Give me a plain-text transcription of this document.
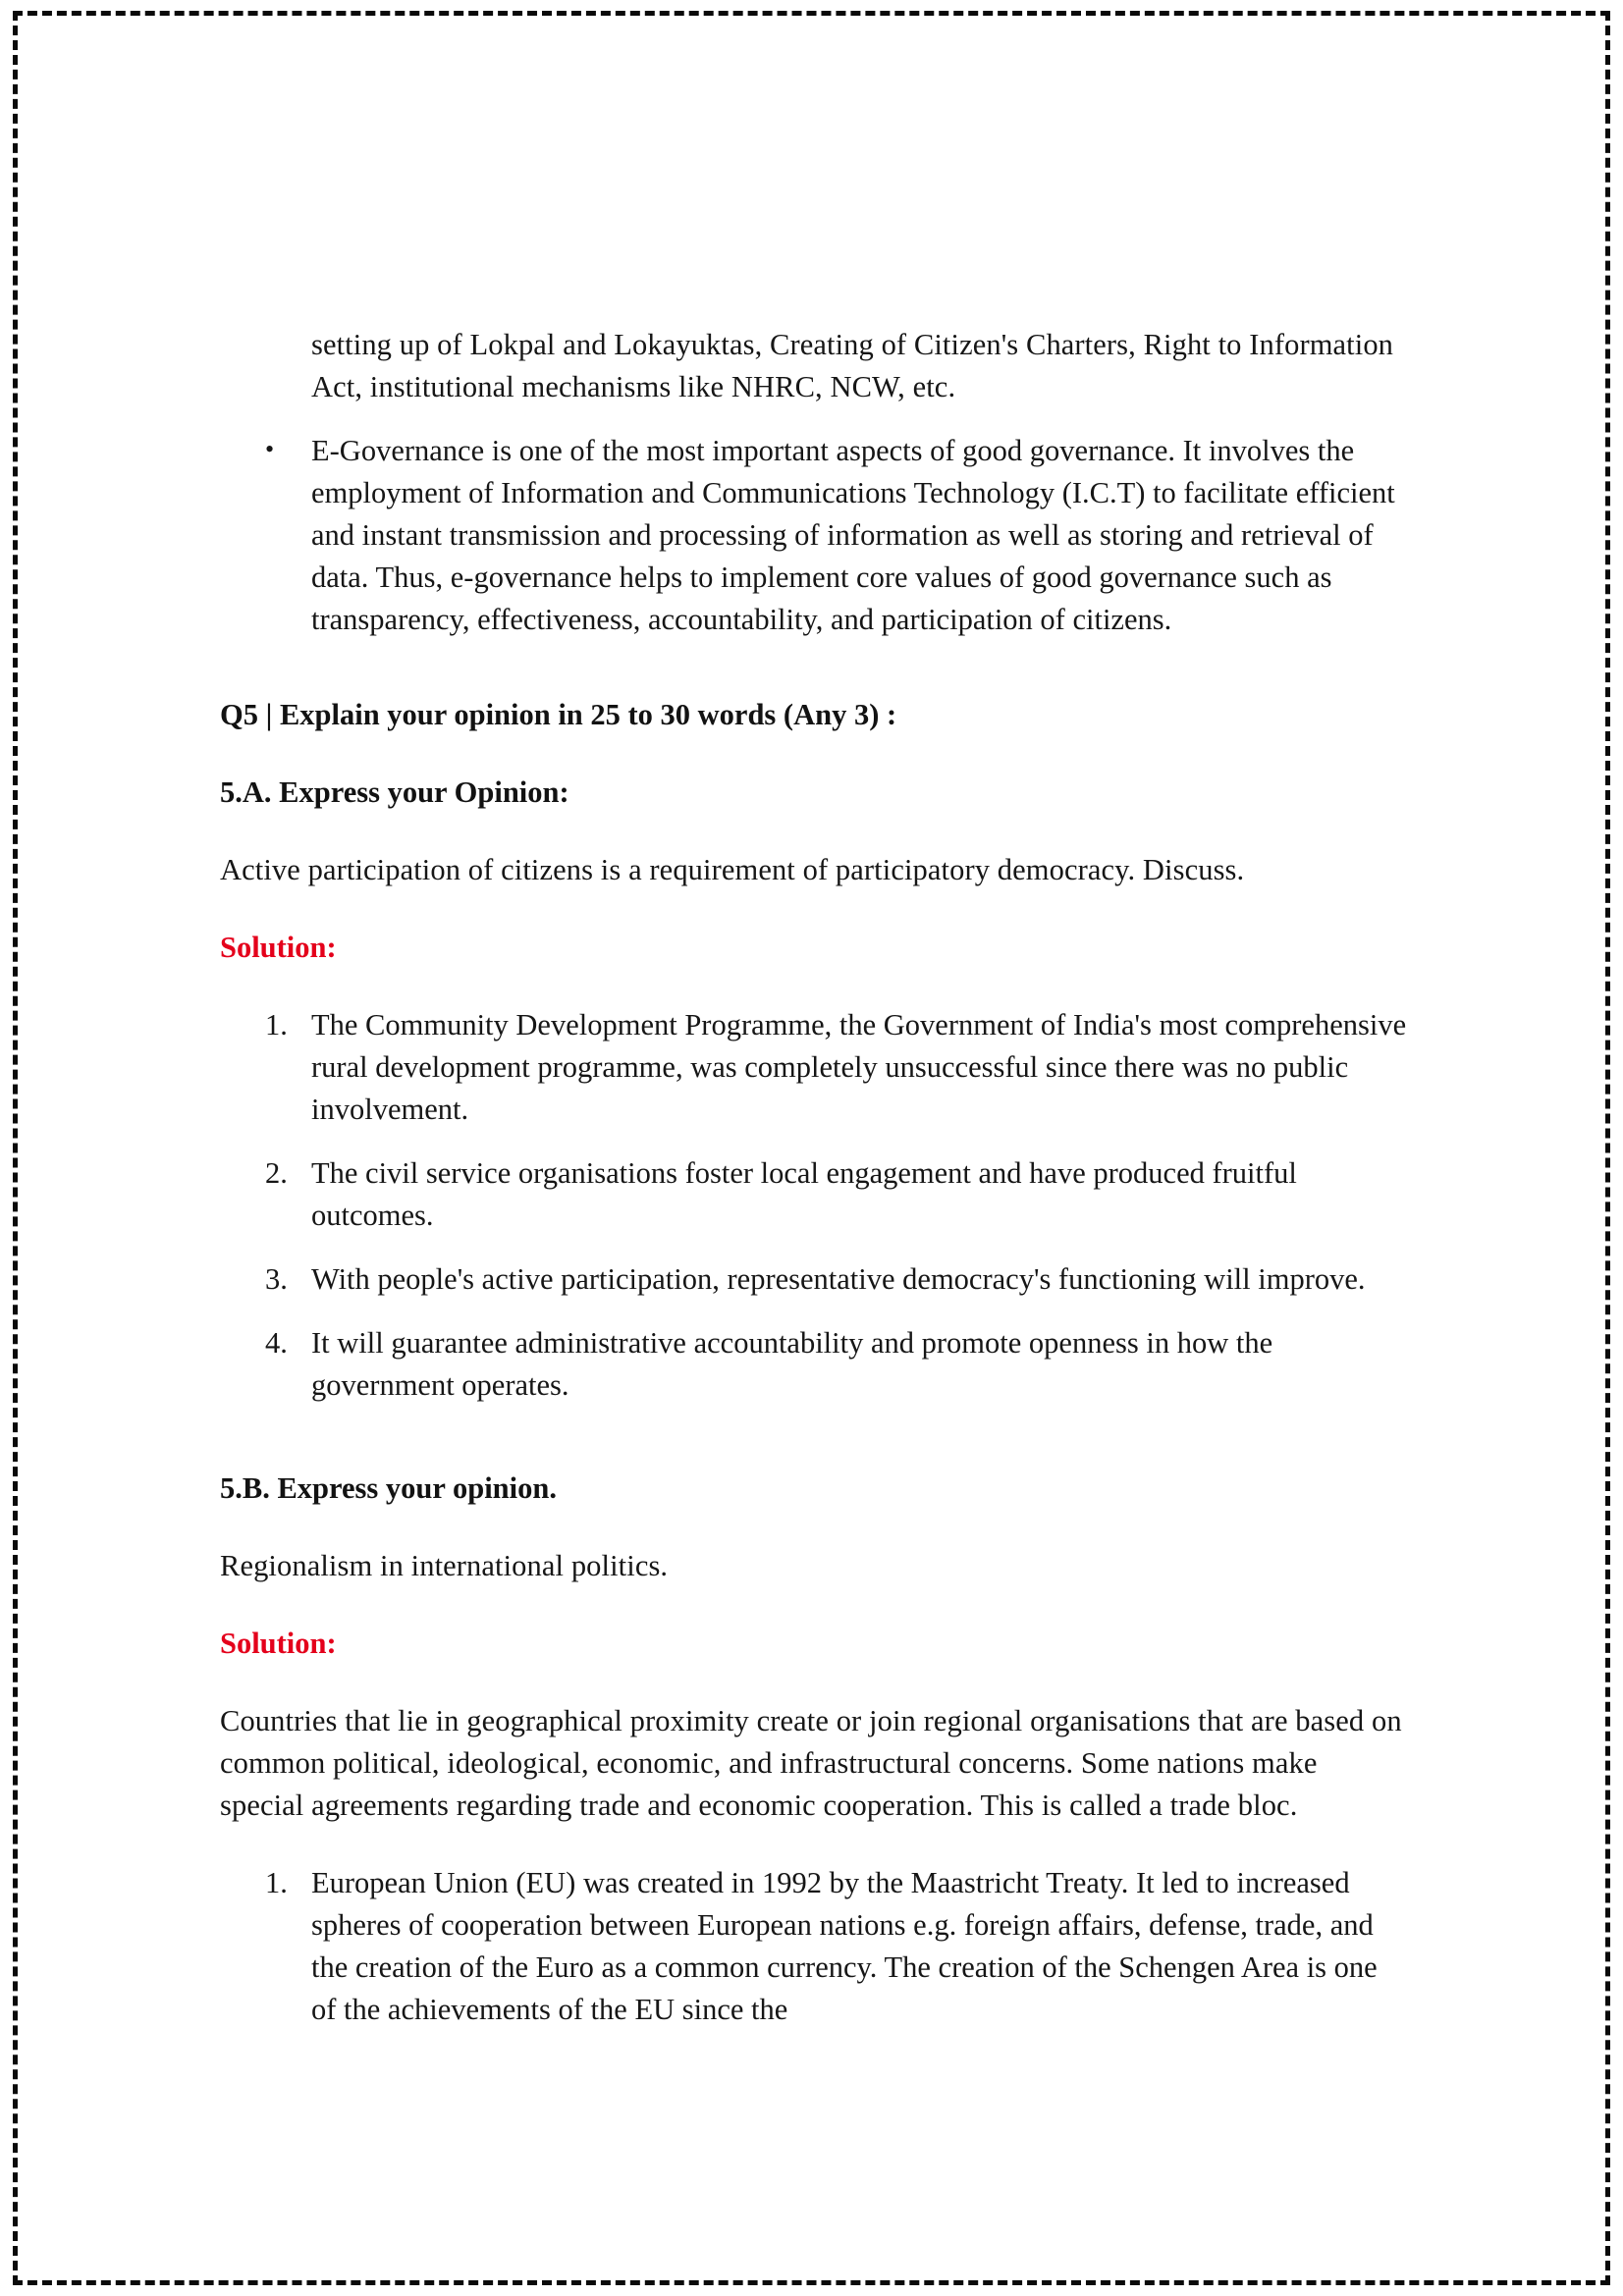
setting up of Lokpal and Lokayuktas, Creating of Citizen's Charters, Right to Information Act, institutional mechanisms like NHRC, NCW, etc.

• E-Governance is one of the most important aspects of good governance. It involves the employment of Information and Communications Technology (I.C.T) to facilitate efficient and instant transmission and processing of information as well as storing and retrieval of data. Thus, e-governance helps to implement core values of good governance such as transparency, effectiveness, accountability, and participation of citizens.

Q5 | Explain your opinion in 25 to 30 words (Any 3) :

5.A. Express your Opinion:

Active participation of citizens is a requirement of participatory democracy. Discuss.

Solution:

The Community Development Programme, the Government of India's most comprehensive rural development programme, was completely unsuccessful since there was no public involvement.
The civil service organisations foster local engagement and have produced fruitful outcomes.
With people's active participation, representative democracy's functioning will improve.
It will guarantee administrative accountability and promote openness in how the government operates.

5.B. Express your opinion.

Regionalism in international politics.

Solution:

Countries that lie in geographical proximity create or join regional organisations that are based on common political, ideological, economic, and infrastructural concerns. Some nations make special agreements regarding trade and economic cooperation. This is called a trade bloc.

European Union (EU) was created in 1992 by the Maastricht Treaty. It led to increased spheres of cooperation between European nations e.g. foreign affairs, defense, trade, and the creation of the Euro as a common currency. The creation of the Schengen Area is one of the achievements of the EU since the
